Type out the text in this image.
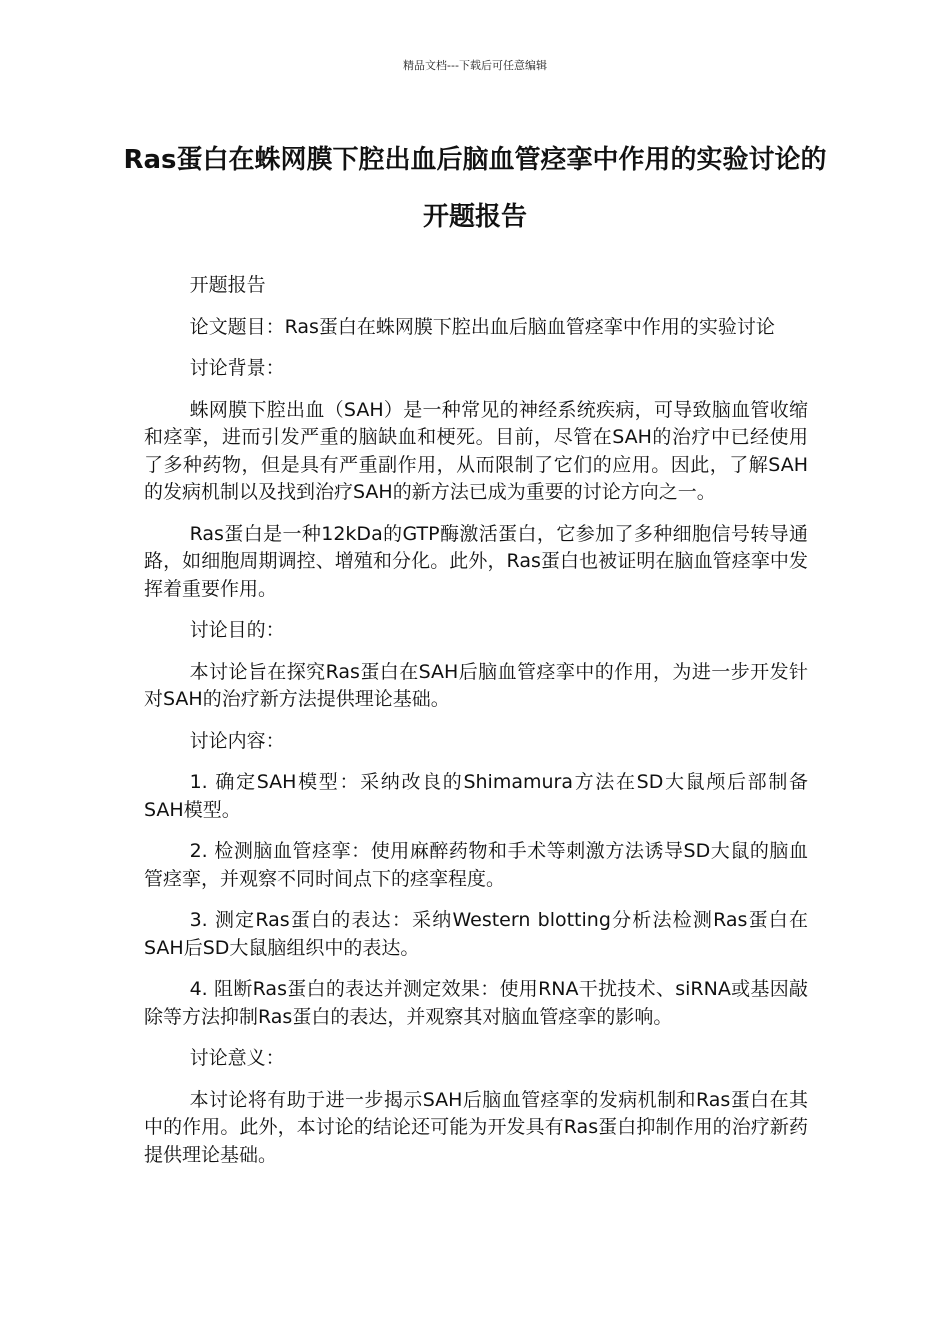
精品文档---下载后可任意编辑
Ras蛋白在蛛网膜下腔出血后脑血管痉挛中作用的实验讨论的开题报告

开题报告

论文题目：Ras蛋白在蛛网膜下腔出血后脑血管痉挛中作用的实验讨论

讨论背景：

蛛网膜下腔出血（SAH）是一种常见的神经系统疾病，可导致脑血管收缩和痉挛，进而引发严重的脑缺血和梗死。目前，尽管在SAH的治疗中已经使用了多种药物，但是具有严重副作用，从而限制了它们的应用。因此，了解SAH的发病机制以及找到治疗SAH的新方法已成为重要的讨论方向之一。

Ras蛋白是一种12kDa的GTP酶激活蛋白，它参加了多种细胞信号转导通路，如细胞周期调控、增殖和分化。此外，Ras蛋白也被证明在脑血管痉挛中发挥着重要作用。

讨论目的：

本讨论旨在探究Ras蛋白在SAH后脑血管痉挛中的作用，为进一步开发针对SAH的治疗新方法提供理论基础。

讨论内容：

1. 确定SAH模型：采纳改良的Shimamura方法在SD大鼠颅后部制备SAH模型。

2. 检测脑血管痉挛：使用麻醉药物和手术等刺激方法诱导SD大鼠的脑血管痉挛，并观察不同时间点下的痉挛程度。

3. 测定Ras蛋白的表达：采纳Western blotting分析法检测Ras蛋白在SAH后SD大鼠脑组织中的表达。

4. 阻断Ras蛋白的表达并测定效果：使用RNA干扰技术、siRNA或基因敲除等方法抑制Ras蛋白的表达，并观察其对脑血管痉挛的影响。

讨论意义：

本讨论将有助于进一步揭示SAH后脑血管痉挛的发病机制和Ras蛋白在其中的作用。此外，本讨论的结论还可能为开发具有Ras蛋白抑制作用的治疗新药提供理论基础。
